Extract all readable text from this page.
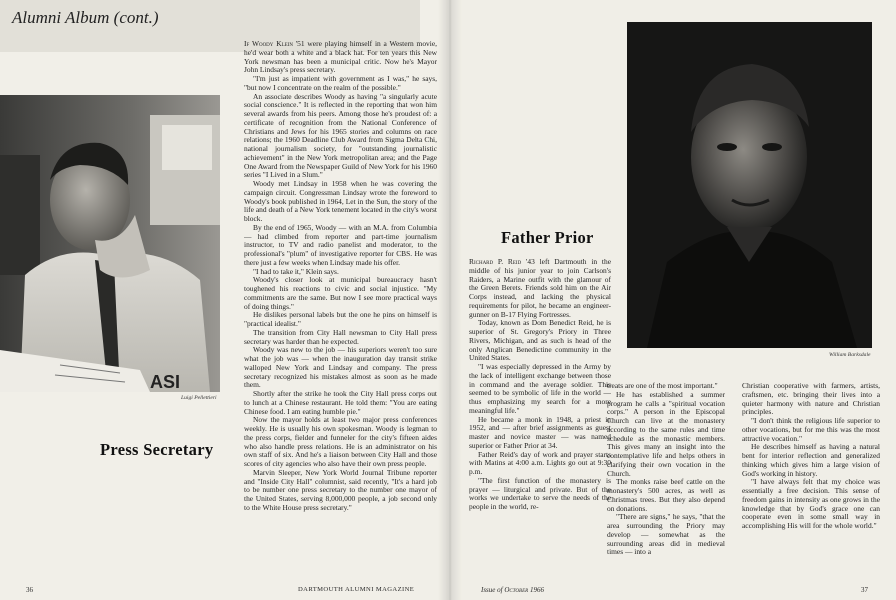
Alumni Album (cont.)
ASI
Luigi Pellettieri
Press Secretary

If Woody Klein '51 were playing himself in a Western movie, he'd wear both a white and a black hat. For ten years this New York newsman has been a municipal critic. Now he's Mayor John Lindsay's press secretary.

"I'm just as impatient with government as I was," he says, "but now I concentrate on the realm of the possible."

An associate describes Woody as having "a singularly acute social conscience." It is reflected in the reporting that won him several awards from his peers. Among those he's proudest of: a certificate of recognition from the National Conference of Christians and Jews for his 1965 stories and columns on race relations; the 1960 Deadline Club Award from Sigma Delta Chi, national journalism society, for "outstanding journalistic achievement" in the New York metropolitan area; and the Page One Award from the Newspaper Guild of New York for his 1960 series "I Lived in a Slum."

Woody met Lindsay in 1958 when he was covering the campaign circuit. Congressman Lindsay wrote the foreword to Woody's book published in 1964, Let in the Sun, the story of the life and death of a New York tenement located in the city's worst block.

By the end of 1965, Woody — with an M.A. from Columbia — had climbed from reporter and part-time journalism instructor, to TV and radio panelist and moderator, to the professional's "plum" of investigative reporter for CBS. He was there just a few weeks when Lindsay made his offer.

"I had to take it," Klein says.

Woody's closer look at municipal bureaucracy hasn't toughened his reactions to civic and social injustice. "My commitments are the same. But now I see more practical ways of doing things."

He dislikes personal labels but the one he pins on himself is "practical idealist."

The transition from City Hall newsman to City Hall press secretary was harder than he expected.

Woody was new to the job — his superiors weren't too sure what the job was — when the inauguration day transit strike walloped New York and Lindsay and company. The press secretary recognized his mistakes almost as soon as he made them.

Shortly after the strike he took the City Hall press corps out to lunch at a Chinese restaurant. He told them: "You are eating Chinese food. I am eating humble pie."

Now the mayor holds at least two major press conferences weekly. He is usually his own spokesman. Woody is legman to the press corps, fielder and funneler for the city's fifteen aides who also handle press relations. He is an administrator on his own staff of six. And he's a liaison between City Hall and those scores of city agencies who also have their own press people.

Marvin Sleeper, New York World Journal Tribune reporter and "Inside City Hall" columnist, said recently, "It's a hard job to be number one press secretary to the number one mayor of the United States, serving 8,000,000 people, a job second only to the White House press secretary."

36	DARTMOUTH ALUMNI MAGAZINE
William Barksdale
Father Prior

Richard P. Reid '43 left Dartmouth in the middle of his junior year to join Carlson's Raiders, a Marine outfit with the glamour of the Green Berets. Friends sold him on the Air Corps instead, and lacking the physical requirements for pilot, he became an engineer-gunner on B-17 Flying Fortresses.

Today, known as Dom Benedict Reid, he is superior of St. Gregory's Priory in Three Rivers, Michigan, and as such is head of the only Anglican Benedictine community in the United States.

"I was especially depressed in the Army by the lack of intelligent exchange between those in command and the average soldier. This seemed to be symbolic of life in the world — thus emphasizing my search for a more meaningful life."

He became a monk in 1948, a priest in 1952, and — after brief assignments as guest master and novice master — was named superior or Father Prior at 34.

Father Reid's day of work and prayer starts with Matins at 4:00 a.m. Lights go out at 9:30 p.m.

"The first function of the monastery is prayer — liturgical and private. But of the works we undertake to serve the needs of the people in the world, re-

treats are one of the most important."

He has established a summer program he calls a "spiritual vocation corps." A person in the Episcopal Church can live at the monastery according to the same rules and time schedule as the monastic members. This gives many an insight into the contemplative life and helps others in clarifying their own vocation in the Church.

The monks raise beef cattle on the monastery's 500 acres, as well as Christmas trees. But they also depend on donations.

"There are signs," he says, "that the area surrounding the Priory may develop — somewhat as the surrounding areas did in medieval times — into a

Christian cooperative with farmers, artists, craftsmen, etc. bringing their lives into a quieter harmony with nature and Christian principles.

"I don't think the religious life superior to other vocations, but for me this was the most attractive vocation."

He describes himself as having a natural bent for interior reflection and generalized thinking which gives him a large vision of God's working in history.

"I have always felt that my choice was essentially a free decision. This sense of freedom gains in intensity as one grows in the knowledge that by God's grace one can cooperate even in some small way in accomplishing His will for the whole world."

Issue of October 1966	37
